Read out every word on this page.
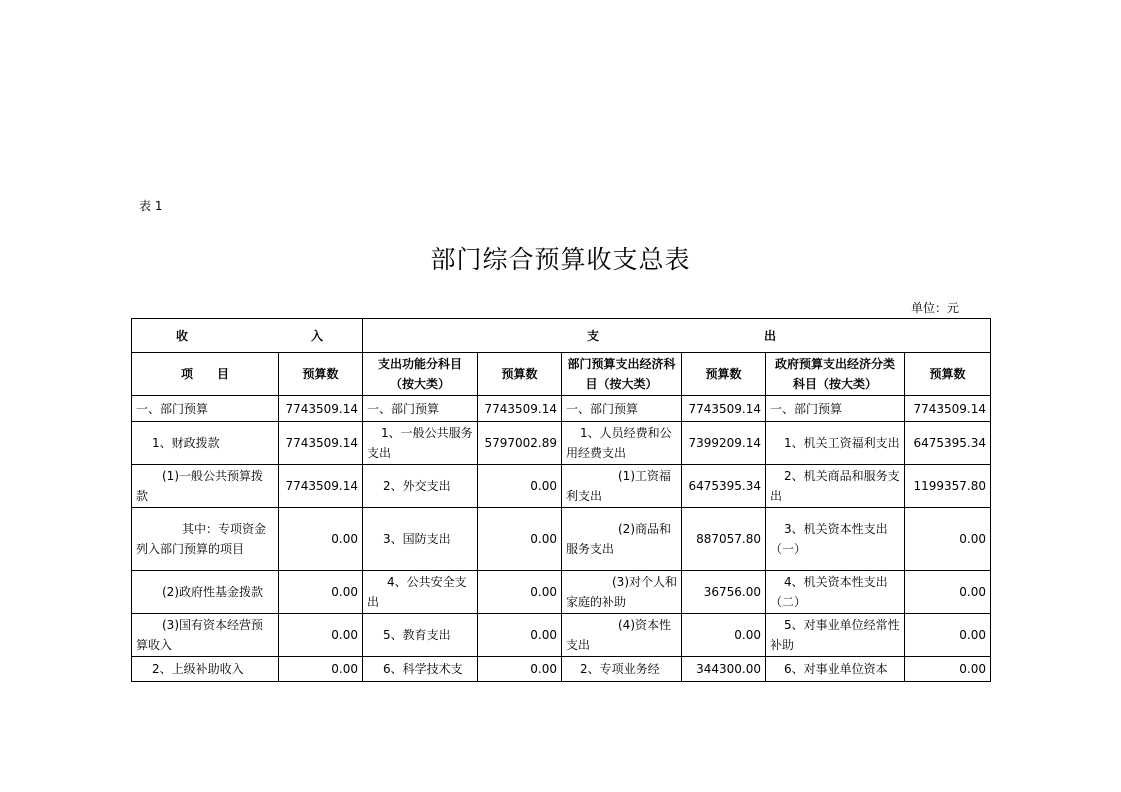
表 1
部门综合预算收支总表
单位：元
收 入		支 出					

项　　目	预算数	支出功能分科目（按大类）	预算数	部门预算支出经济科目（按大类）	预算数	政府预算支出经济分类科目（按大类）	预算数
一、部门预算	7743509.14	一、部门预算	7743509.14	一、部门预算	7743509.14	一、部门预算	7743509.14
1、财政拨款	7743509.14	1、一般公共服务支出	5797002.89	1、人员经费和公用经费支出	7399209.14	1、机关工资福利支出	6475395.34
(1)一般公共预算拨款	7743509.14	2、外交支出	0.00	(1)工资福利支出	6475395.34	2、机关商品和服务支出	1199357.80
其中：专项资金列入部门预算的项目	0.00	3、国防支出	0.00	(2)商品和服务支出	887057.80	3、机关资本性支出（一）	0.00
(2)政府性基金拨款	0.00	4、公共安全支出	0.00	(3)对个人和家庭的补助	36756.00	4、机关资本性支出（二）	0.00
(3)国有资本经营预算收入	0.00	5、教育支出	0.00	(4)资本性支出	0.00	5、对事业单位经常性补助	0.00
2、上级补助收入	0.00	6、科学技术支	0.00	2、专项业务经	344300.00	6、对事业单位资本	0.00
